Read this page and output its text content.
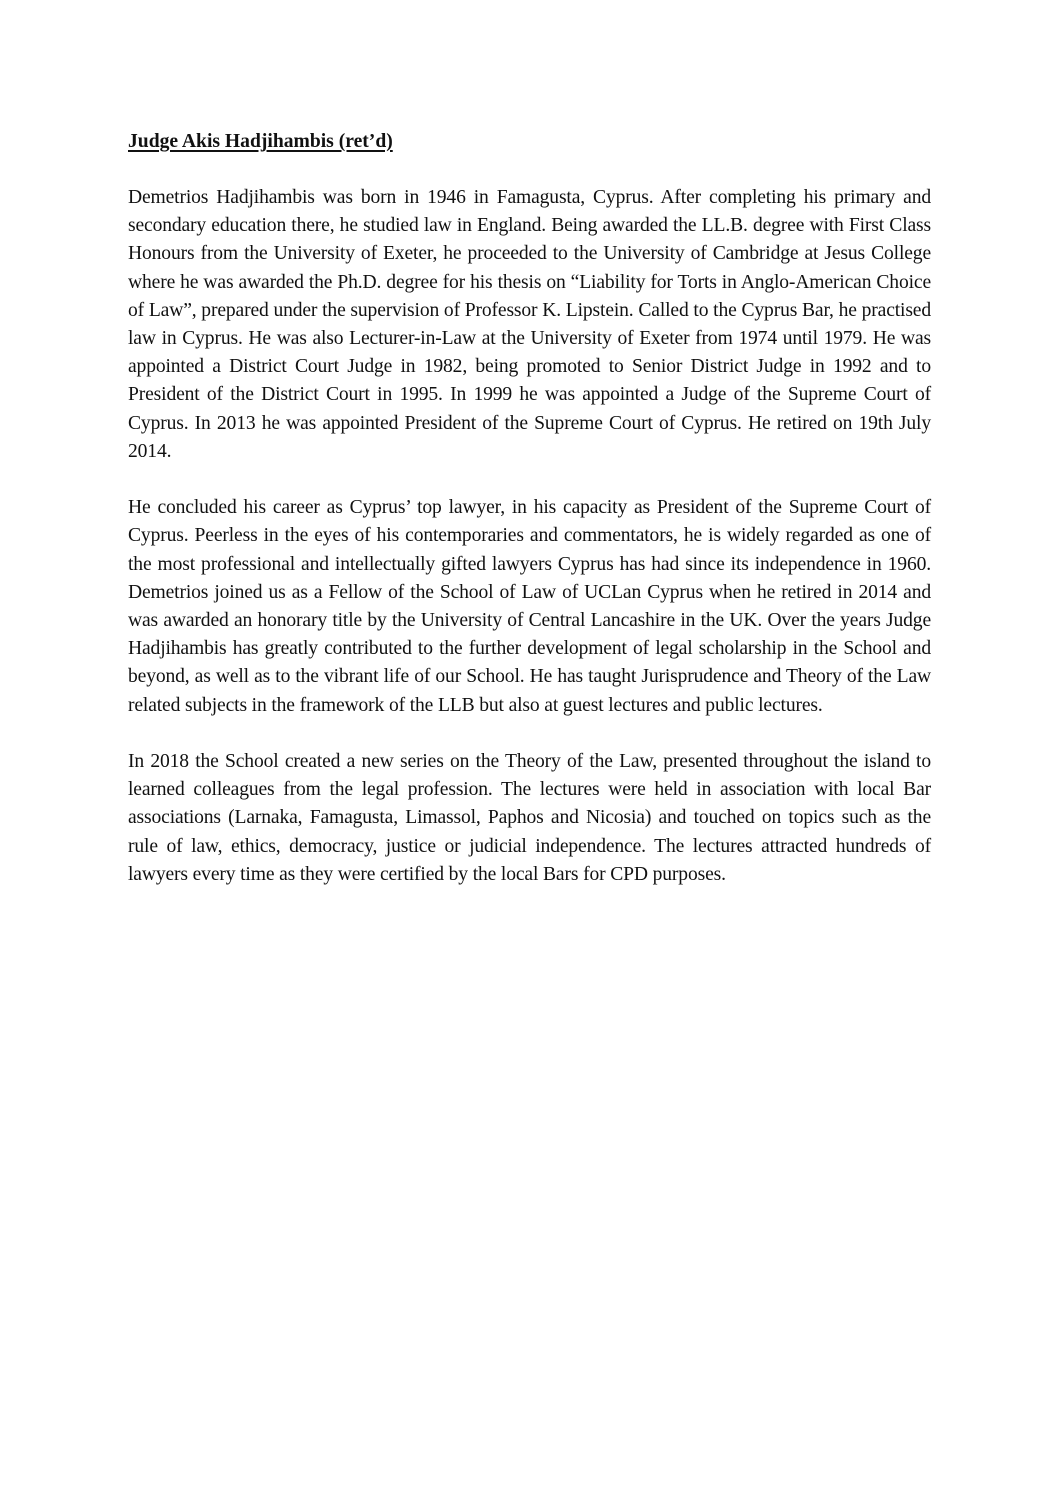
Judge Akis Hadjihambis (ret’d)

Demetrios Hadjihambis was born in 1946 in Famagusta, Cyprus. After completing his primary and secondary education there, he studied law in England. Being awarded the LL.B. degree with First Class Honours from the University of Exeter, he proceeded to the University of Cambridge at Jesus College where he was awarded the Ph.D. degree for his thesis on “Liability for Torts in Anglo-American Choice of Law”, prepared under the supervision of Professor K. Lipstein. Called to the Cyprus Bar, he practised law in Cyprus. He was also Lecturer-in-Law at the University of Exeter from 1974 until 1979. He was appointed a District Court Judge in 1982, being promoted to Senior District Judge in 1992 and to President of the District Court in 1995. In 1999 he was appointed a Judge of the Supreme Court of Cyprus. In 2013 he was appointed President of the Supreme Court of Cyprus. He retired on 19th July 2014.

He concluded his career as Cyprus’ top lawyer, in his capacity as President of the Supreme Court of Cyprus. Peerless in the eyes of his contemporaries and commentators, he is widely regarded as one of the most professional and intellectually gifted lawyers Cyprus has had since its independence in 1960. Demetrios joined us as a Fellow of the School of Law of UCLan Cyprus when he retired in 2014 and was awarded an honorary title by the University of Central Lancashire in the UK. Over the years Judge Hadjihambis has greatly contributed to the further development of legal scholarship in the School and beyond, as well as to the vibrant life of our School. He has taught Jurisprudence and Theory of the Law related subjects in the framework of the LLB but also at guest lectures and public lectures.

In 2018 the School created a new series on the Theory of the Law, presented throughout the island to learned colleagues from the legal profession. The lectures were held in association with local Bar associations (Larnaka, Famagusta, Limassol, Paphos and Nicosia) and touched on topics such as the rule of law, ethics, democracy, justice or judicial independence. The lectures attracted hundreds of lawyers every time as they were certified by the local Bars for CPD purposes.
